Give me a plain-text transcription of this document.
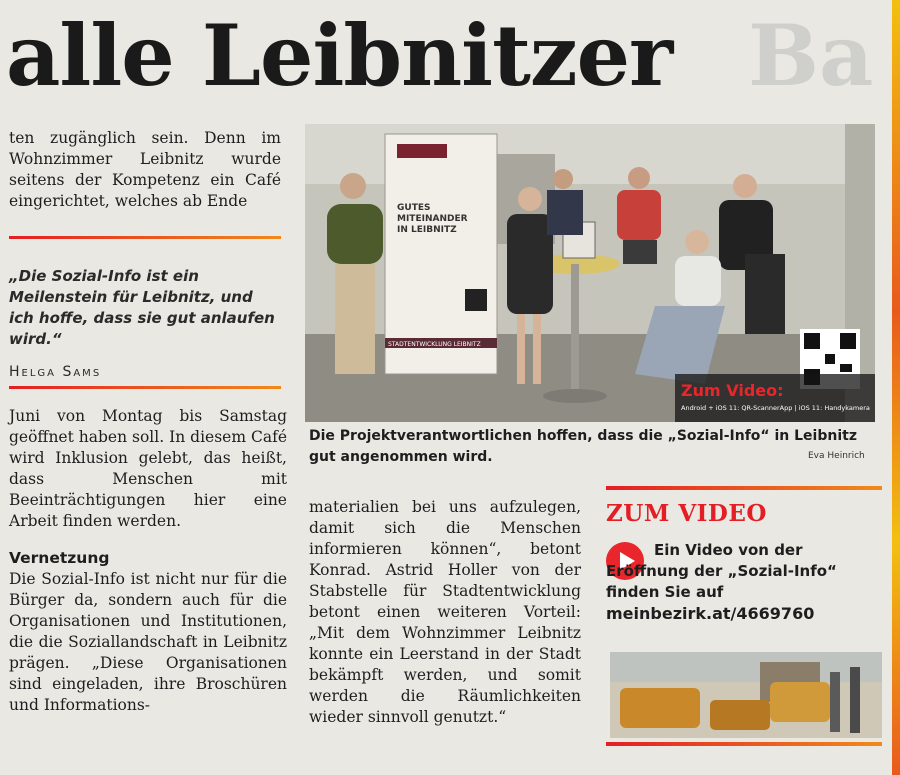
alle Leibnitzer Ba

ten zugänglich sein. Denn im Wohnzimmer Leibnitz wurde seitens der Kompetenz ein Café eingerichtet, welches ab Ende

„Die Sozial-Info ist ein Meilenstein für Leibnitz, und ich hoffe, dass sie gut anlaufen wird.“
Helga Sams

Juni von Montag bis Samstag geöffnet haben soll. In diesem Café wird Inklusion gelebt, das heißt, dass Menschen mit Beeinträchtigungen hier eine Arbeit finden werden.

Vernetzung

Die Sozial-Info ist nicht nur für die Bürger da, sondern auch für die Organisationen und Institutionen, die die Soziallandschaft in Leibnitz prägen. „Diese Organisationen sind eingeladen, ihre Broschüren und Informations-

GUTES
MITEINANDER
IN LEIBNITZ
STADTENTWICKLUNG LEIBNITZ
Zum Video:
Android + iOS 11: QR-ScannerApp | iOS 11: Handykamera
Die Projektverantwortlichen hoffen, dass die „Sozial-Info“ in Leibnitz gut angenommen wird.	Eva Heinrich

materialien bei uns aufzulegen, damit sich die Menschen informieren können“, betont Konrad. Astrid Holler von der Stabstelle für Stadtentwicklung betont einen weiteren Vorteil: „Mit dem Wohnzimmer Leibnitz konnte ein Leerstand in der Stadt bekämpft werden, und somit werden die Räumlichkeiten wieder sinnvoll genutzt.“

ZUM VIDEO

Ein Video von der Eröffnung der „Sozial-Info“

finden Sie auf

meinbezirk.at/4669760
